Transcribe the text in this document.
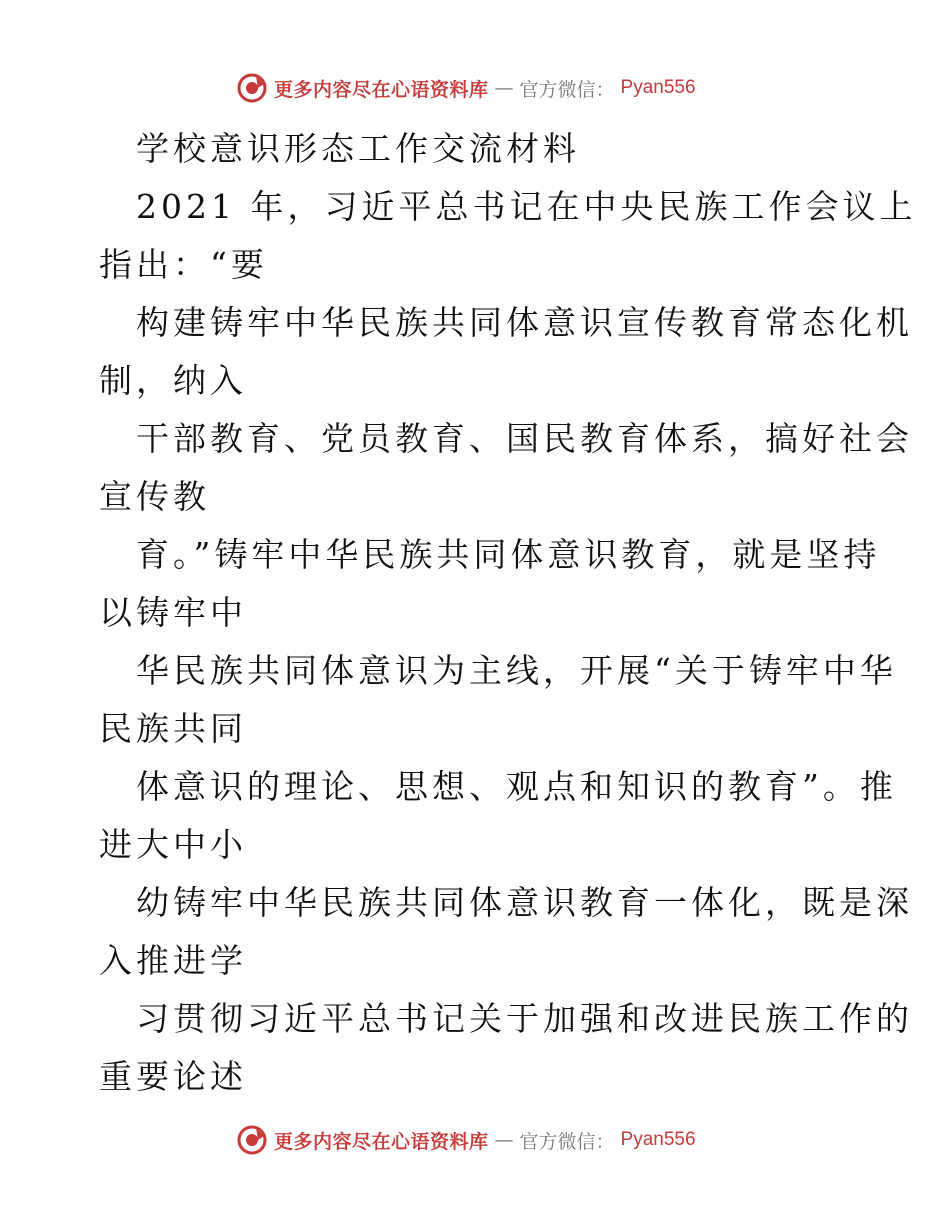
更多内容尽在心语资料库 — 官方微信： Pyan556
学校意识形态工作交流材料
2021 年，习近平总书记在中央民族工作会议上
指出：“要
构建铸牢中华民族共同体意识宣传教育常态化机
制，纳入
干部教育、党员教育、国民教育体系，搞好社会
宣传教
育。”铸牢中华民族共同体意识教育，就是坚持
以铸牢中
华民族共同体意识为主线，开展“关于铸牢中华
民族共同
体意识的理论、思想、观点和知识的教育”。推
进大中小
幼铸牢中华民族共同体意识教育一体化，既是深
入推进学
习贯彻习近平总书记关于加强和改进民族工作的
重要论述
更多内容尽在心语资料库 — 官方微信： Pyan556
